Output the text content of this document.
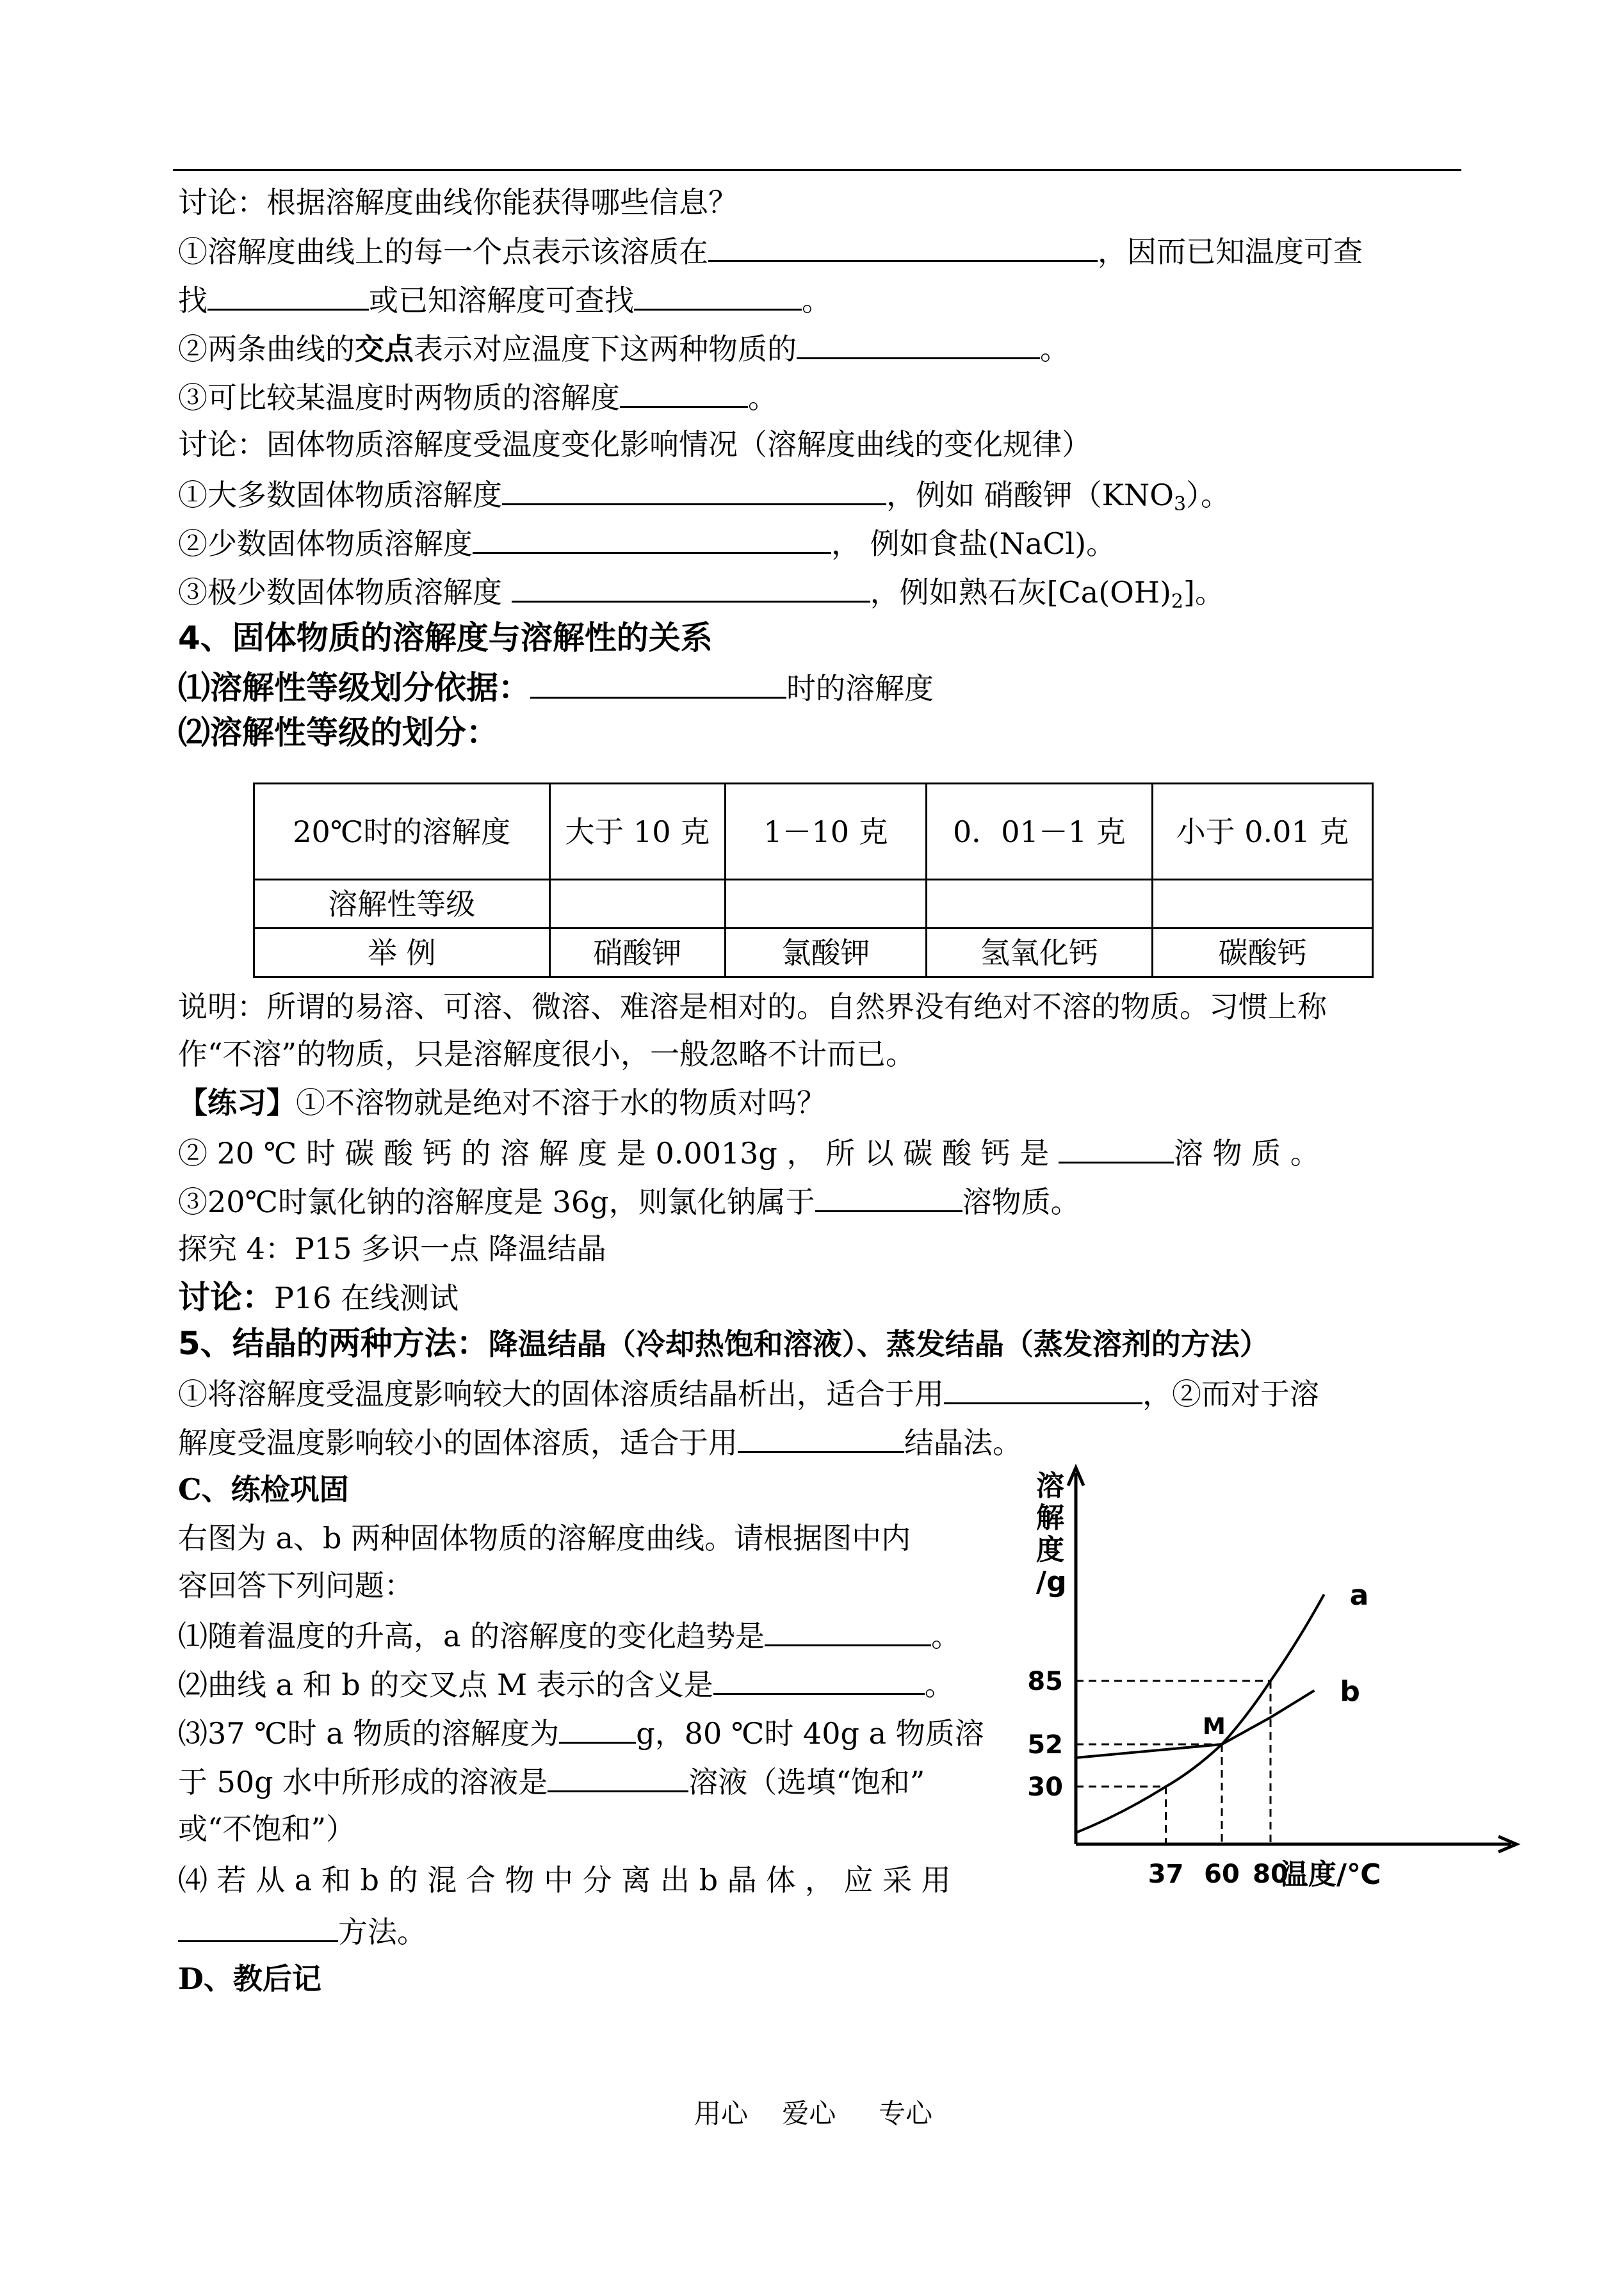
讨论：根据溶解度曲线你能获得哪些信息？
①溶解度曲线上的每一个点表示该溶质在	，因而已知温度可查
找	或已知溶解度可查找	。
②两条曲线的交点表示对应温度下这两种物质的	。
③可比较某温度时两物质的溶解度	。
讨论：固体物质溶解度受温度变化影响情况（溶解度曲线的变化规律）
①大多数固体物质溶解度	，例如 硝酸钾$(KNO_3)$。
②少数固体物质溶解度	， 例如食盐(NaCl)。
③极少数固体物质溶解度	，例如熟石灰$[Ca(OH)_2]$。
4、固体物质的溶解度与溶解性的关系
⑴溶解性等级划分依据：	时的溶解度
⑵溶解性等级的划分：
20℃时的溶解度	大于 10 克	1－10 克	0．01－1 克	小于 0.01 克
溶解性等级				
举 例	硝酸钾	氯酸钾	氢氧化钙	碳酸钙
说明：所谓的易溶、可溶、微溶、难溶是相对的。自然界没有绝对不溶的物质。习惯上称
作“不溶”的物质，只是溶解度很小，一般忽略不计而已。
【练习】①不溶物就是绝对不溶于水的物质对吗？
② 20 ℃ 时 碳 酸 钙 的 溶 解 度 是 0.0013g ， 所 以 碳 酸 钙 是	溶 物 质 。
③20℃时氯化钠的溶解度是 36g，则氯化钠属于	溶物质。
探究 4：P15 多识一点 降温结晶
讨论：P16 在线测试
5、结晶的两种方法：降温结晶（冷却热饱和溶液）、蒸发结晶（蒸发溶剂的方法）
①将溶解度受温度影响较大的固体溶质结晶析出，适合于用	，②而对于溶
解度受温度影响较小的固体溶质，适合于用	结晶法。
C、练检巩固
右图为 a、b 两种固体物质的溶解度曲线。请根据图中内
容回答下列问题：
⑴随着温度的升高，a 的溶解度的变化趋势是	。
⑵曲线 a 和 b 的交叉点 M 表示的含义是	。
⑶37 ℃时 a 物质的溶解度为	g，80 ℃时 40g a 物质溶
于 50g 水中所形成的溶液是	溶液（选填“饱和”
或“不饱和”）
⑷ 若 从 a 和 b 的 混 合 物 中 分 离 出 b 晶 体 ， 应 采 用
方法。
D、教后记
溶
解
度
/g	a
b
M
30
52
85
37 60 80
温度/℃
用心    爱心     专心
